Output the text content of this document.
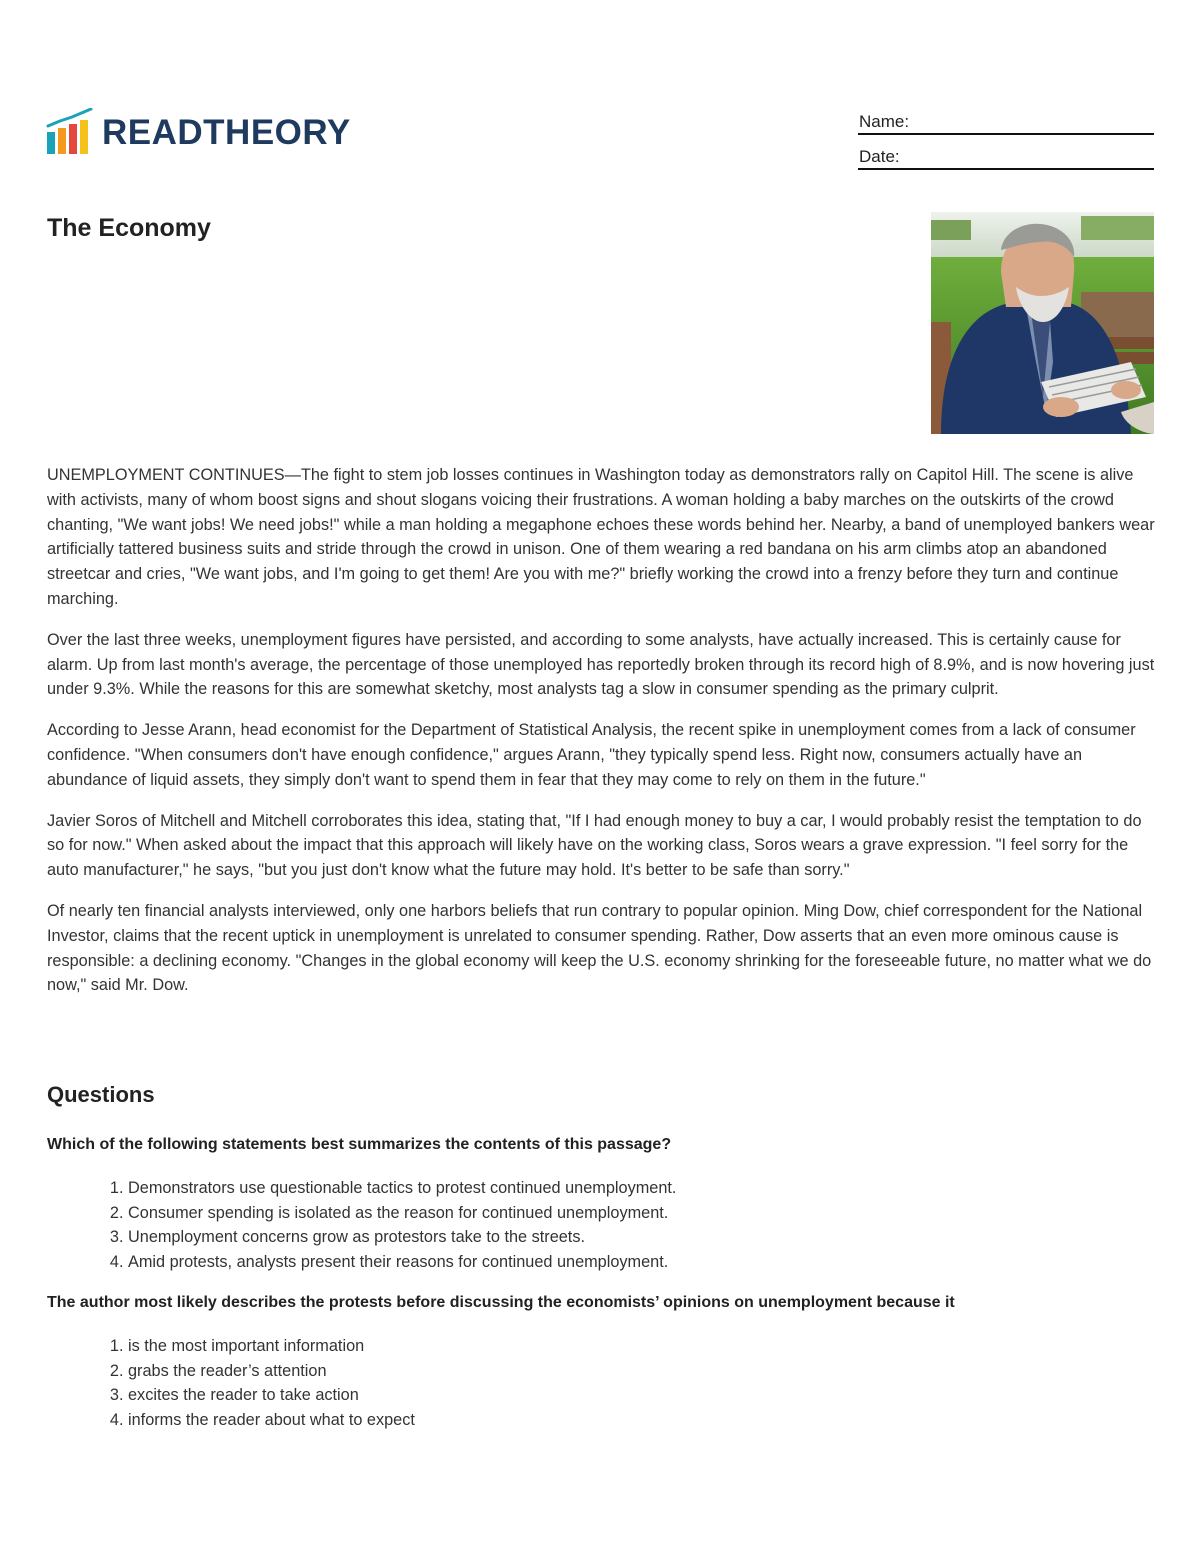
READTHEORY	Name:
Date:
The Economy

UNEMPLOYMENT CONTINUES—The fight to stem job losses continues in Washington today as demonstrators rally on Capitol Hill. The scene is alive with activists, many of whom boost signs and shout slogans voicing their frustrations. A woman holding a baby marches on the outskirts of the crowd chanting, "We want jobs! We need jobs!" while a man holding a megaphone echoes these words behind her. Nearby, a band of unemployed bankers wear artificially tattered business suits and stride through the crowd in unison. One of them wearing a red bandana on his arm climbs atop an abandoned streetcar and cries, "We want jobs, and I'm going to get them! Are you with me?" briefly working the crowd into a frenzy before they turn and continue marching.

Over the last three weeks, unemployment figures have persisted, and according to some analysts, have actually increased. This is certainly cause for alarm. Up from last month's average, the percentage of those unemployed has reportedly broken through its record high of 8.9%, and is now hovering just under 9.3%. While the reasons for this are somewhat sketchy, most analysts tag a slow in consumer spending as the primary culprit.

According to Jesse Arann, head economist for the Department of Statistical Analysis, the recent spike in unemployment comes from a lack of consumer confidence. "When consumers don't have enough confidence," argues Arann, "they typically spend less. Right now, consumers actually have an abundance of liquid assets, they simply don't want to spend them in fear that they may come to rely on them in the future."

Javier Soros of Mitchell and Mitchell corroborates this idea, stating that, "If I had enough money to buy a car, I would probably resist the temptation to do so for now." When asked about the impact that this approach will likely have on the working class, Soros wears a grave expression. "I feel sorry for the auto manufacturer," he says, "but you just don't know what the future may hold. It's better to be safe than sorry."

Of nearly ten financial analysts interviewed, only one harbors beliefs that run contrary to popular opinion. Ming Dow, chief correspondent for the National Investor, claims that the recent uptick in unemployment is unrelated to consumer spending. Rather, Dow asserts that an even more ominous cause is responsible: a declining economy. "Changes in the global economy will keep the U.S. economy shrinking for the foreseeable future, no matter what we do now," said Mr. Dow.

Questions

Which of the following statements best summarizes the contents of this passage?

1. Demonstrators use questionable tactics to protest continued unemployment.
2. Consumer spending is isolated as the reason for continued unemployment.
3. Unemployment concerns grow as protestors take to the streets.
4. Amid protests, analysts present their reasons for continued unemployment.

The author most likely describes the protests before discussing the economists’ opinions on unemployment because it

1. is the most important information
2. grabs the reader’s attention
3. excites the reader to take action
4. informs the reader about what to expect
